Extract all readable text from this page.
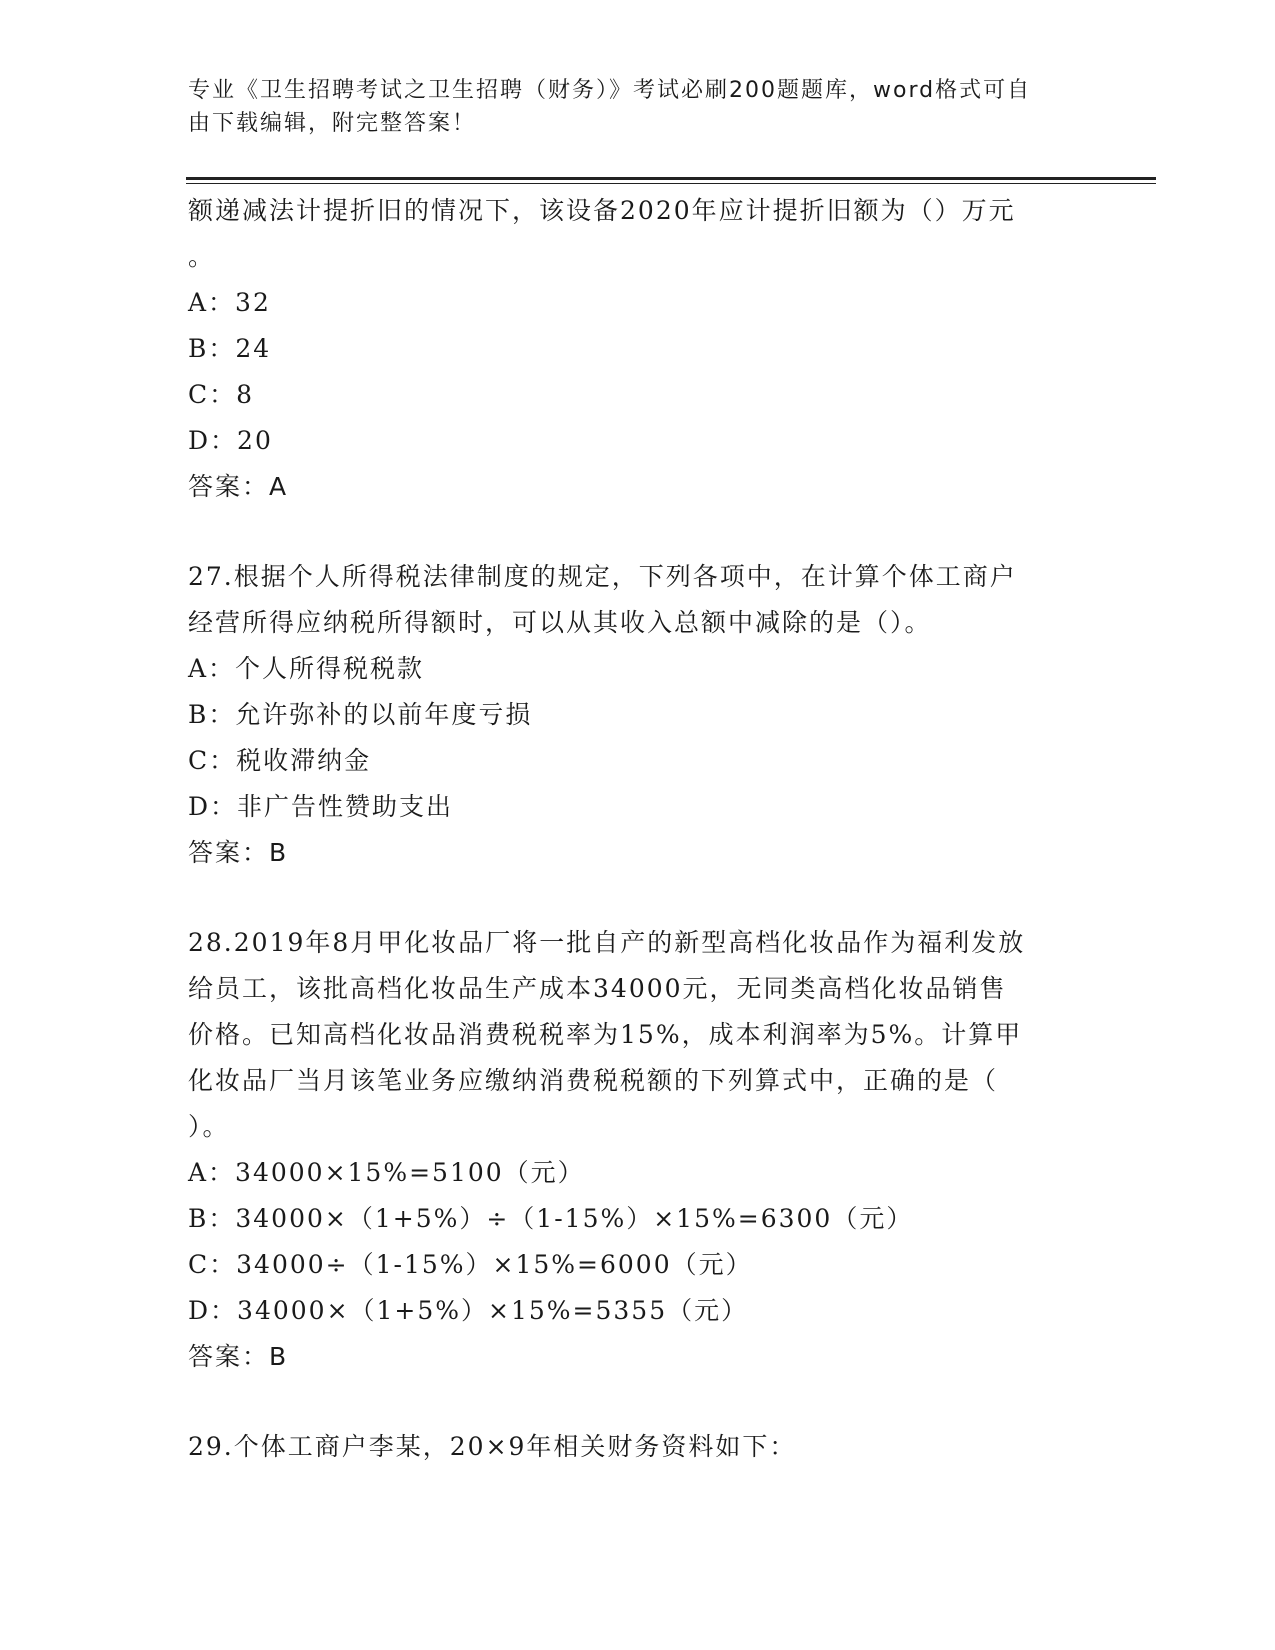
专业《卫生招聘考试之卫生招聘（财务）》考试必刷200题题库，word格式可自
由下载编辑，附完整答案！
额递减法计提折旧的情况下，该设备2020年应计提折旧额为（）万元
。
A：32
B：24
C：8
D：20
答案：A
27.根据个人所得税法律制度的规定，下列各项中，在计算个体工商户
经营所得应纳税所得额时，可以从其收入总额中减除的是（）。
A：个人所得税税款
B：允许弥补的以前年度亏损
C：税收滞纳金
D：非广告性赞助支出
答案：B
28.2019年8月甲化妆品厂将一批自产的新型高档化妆品作为福利发放
给员工，该批高档化妆品生产成本34000元，无同类高档化妆品销售
价格。已知高档化妆品消费税税率为15%，成本利润率为5%。计算甲
化妆品厂当月该笔业务应缴纳消费税税额的下列算式中，正确的是（
）。
A：34000×15%=5100（元）
B：34000×（1+5%）÷（1-15%）×15%=6300（元）
C：34000÷（1-15%）×15%=6000（元）
D：34000×（1+5%）×15%=5355（元）
答案：B
29.个体工商户李某，20×9年相关财务资料如下：
